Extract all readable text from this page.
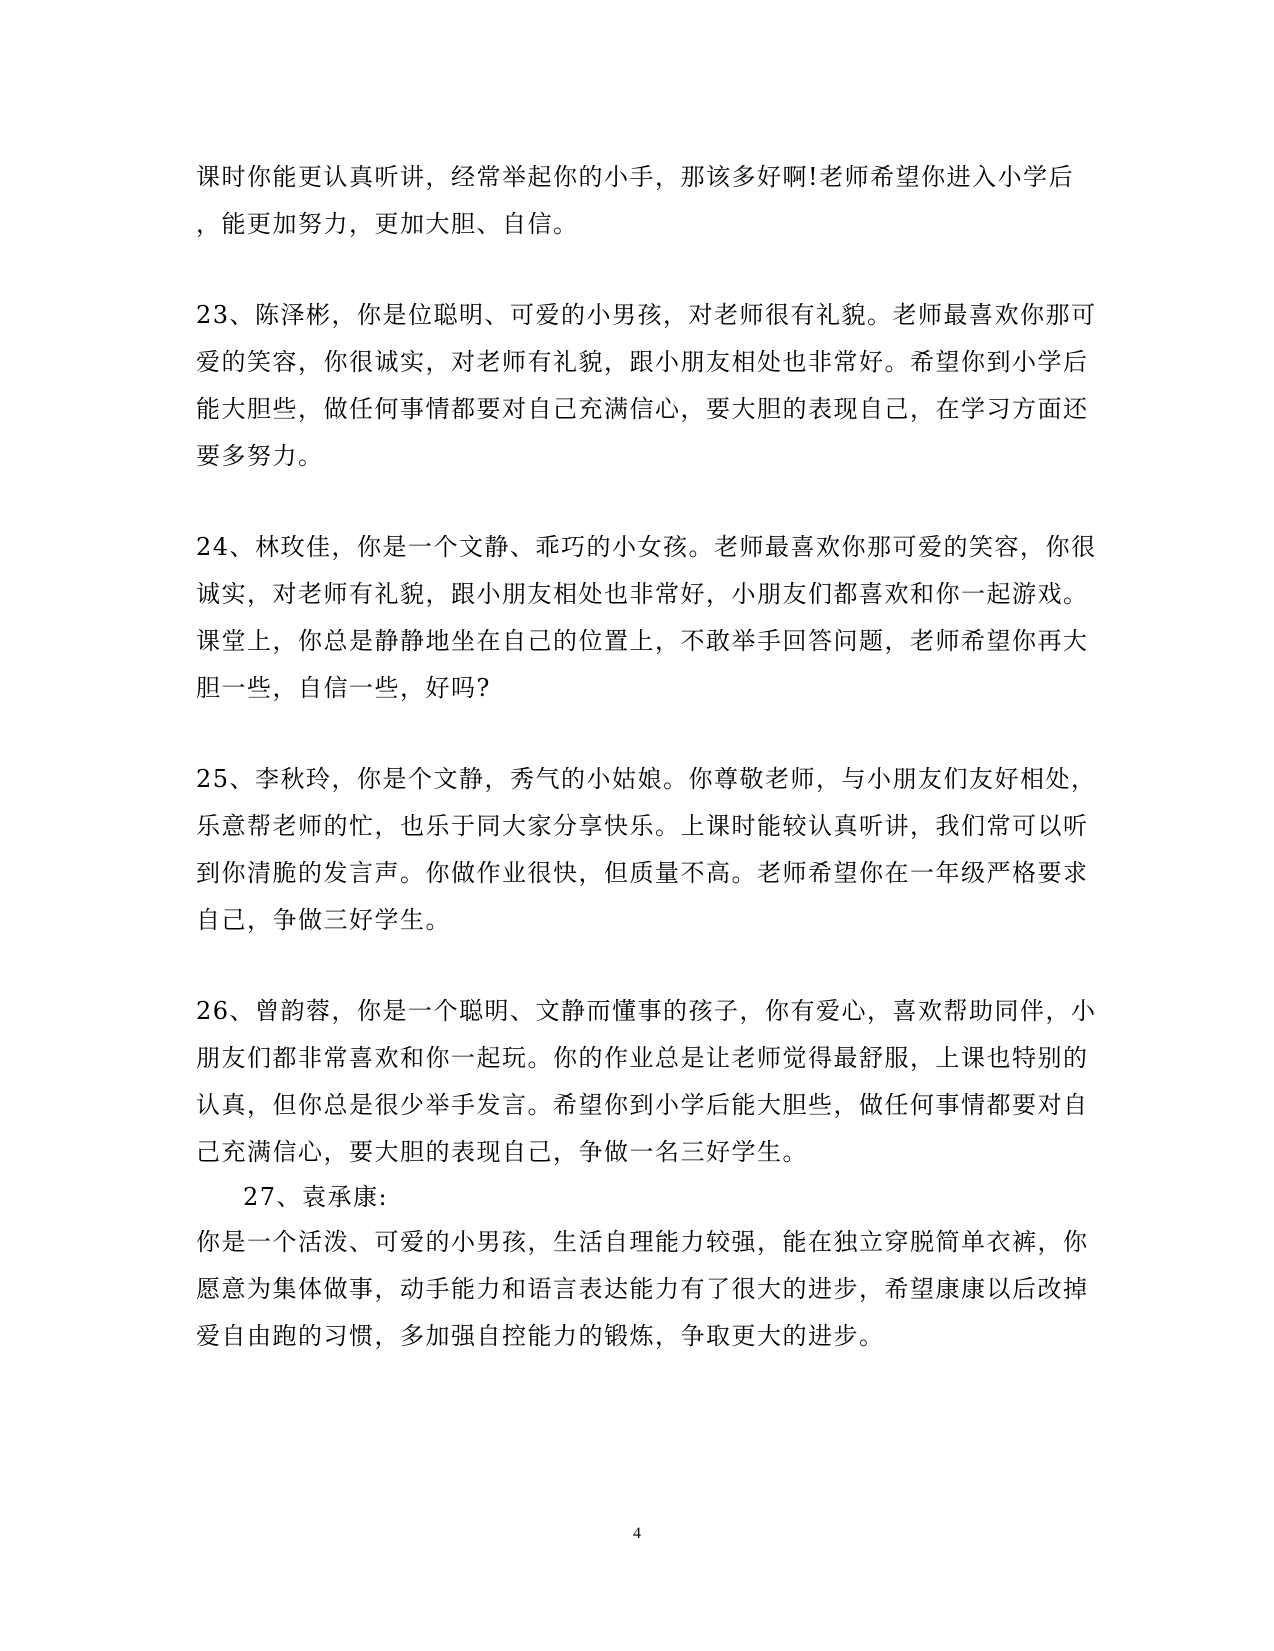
课时你能更认真听讲，经常举起你的小手，那该多好啊!老师希望你进入小学后
，能更加努力，更加大胆、自信。
23、陈泽彬，你是位聪明、可爱的小男孩，对老师很有礼貌。老师最喜欢你那可
爱的笑容，你很诚实，对老师有礼貌，跟小朋友相处也非常好。希望你到小学后
能大胆些，做任何事情都要对自己充满信心，要大胆的表现自己，在学习方面还
要多努力。
24、林玫佳，你是一个文静、乖巧的小女孩。老师最喜欢你那可爱的笑容，你很
诚实，对老师有礼貌，跟小朋友相处也非常好，小朋友们都喜欢和你一起游戏。
课堂上，你总是静静地坐在自己的位置上，不敢举手回答问题，老师希望你再大
胆一些，自信一些，好吗?
25、李秋玲，你是个文静，秀气的小姑娘。你尊敬老师，与小朋友们友好相处，
乐意帮老师的忙，也乐于同大家分享快乐。上课时能较认真听讲，我们常可以听
到你清脆的发言声。你做作业很快，但质量不高。老师希望你在一年级严格要求
自己，争做三好学生。
26、曾韵蓉，你是一个聪明、文静而懂事的孩子，你有爱心，喜欢帮助同伴，小
朋友们都非常喜欢和你一起玩。你的作业总是让老师觉得最舒服，上课也特别的
认真，但你总是很少举手发言。希望你到小学后能大胆些，做任何事情都要对自
己充满信心，要大胆的表现自己，争做一名三好学生。
27、袁承康:
你是一个活泼、可爱的小男孩，生活自理能力较强，能在独立穿脱简单衣裤，你
愿意为集体做事，动手能力和语言表达能力有了很大的进步，希望康康以后改掉
爱自由跑的习惯，多加强自控能力的锻炼，争取更大的进步。
4
